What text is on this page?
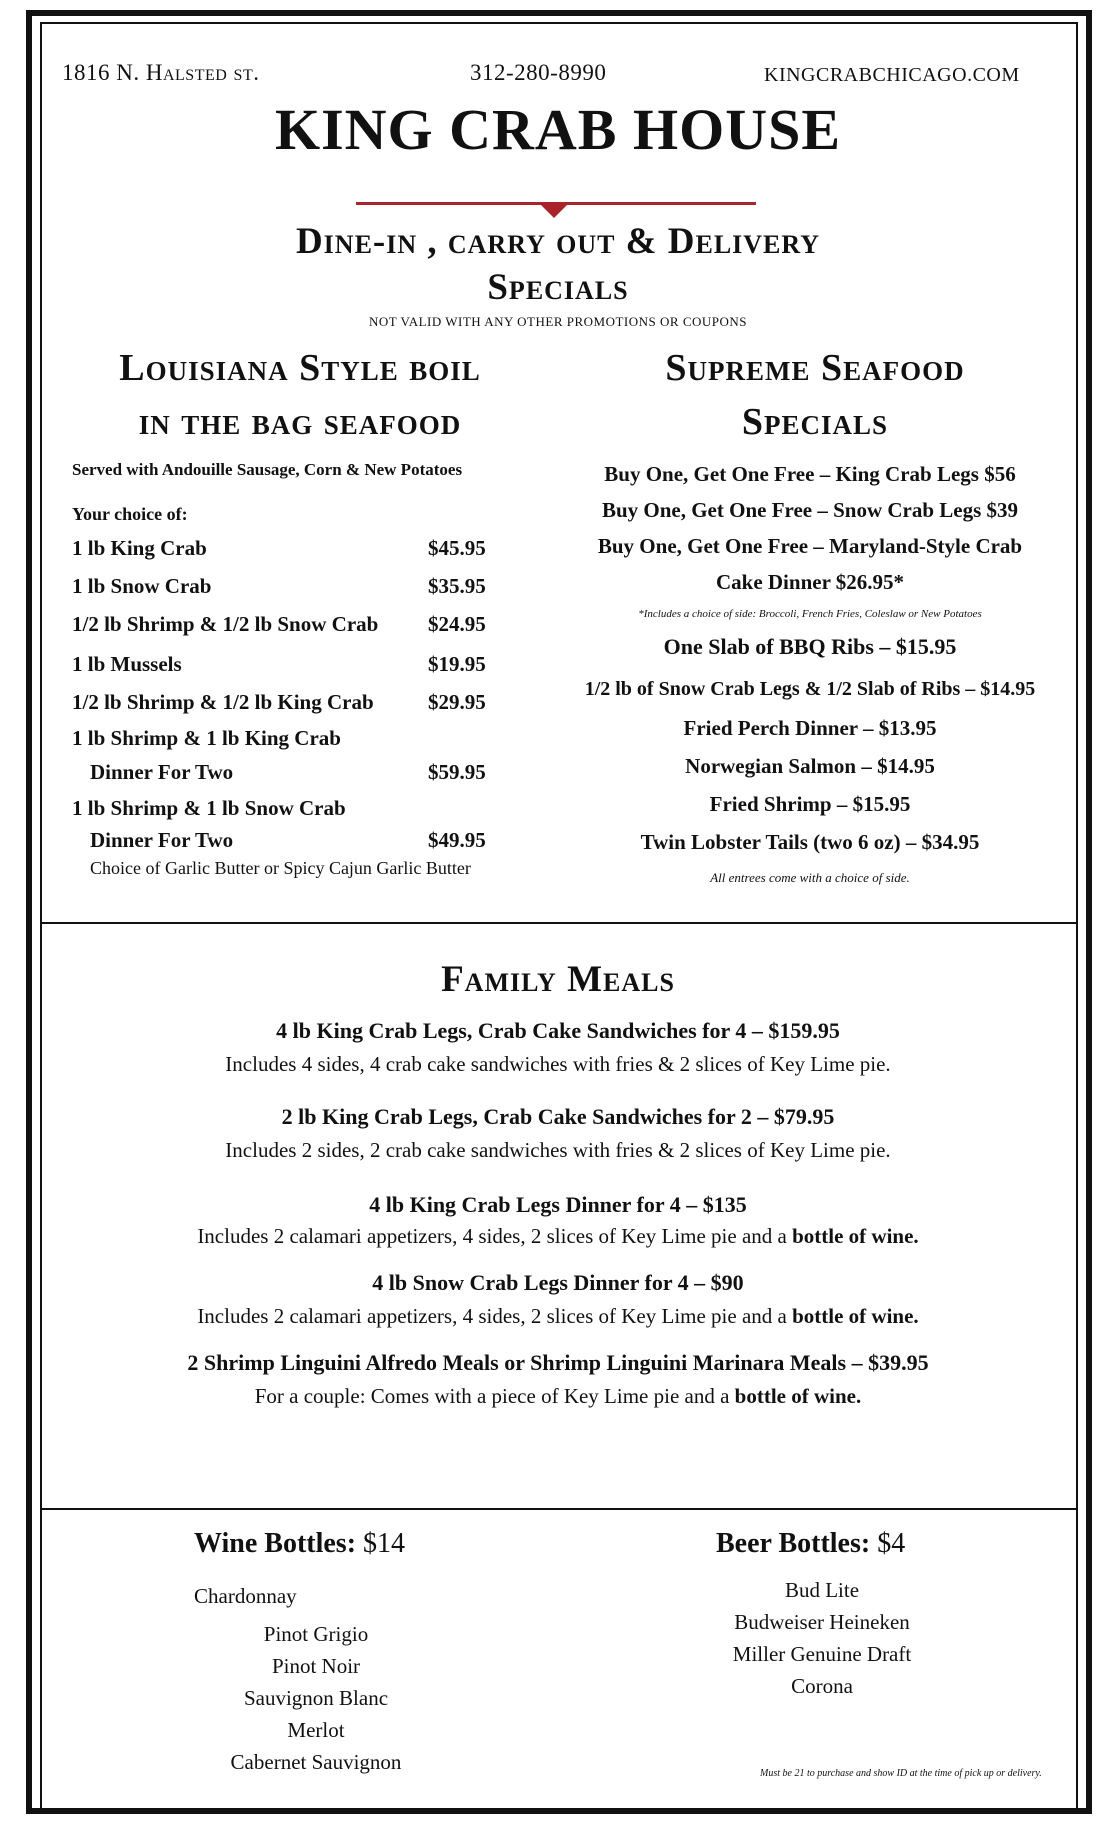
1816 N. Halsted st.	312-280-8990	KINGCRABCHICAGO.COM
KING CRAB HOUSE
Dine-in , carry out & Delivery
Specials
NOT VALID WITH ANY OTHER PROMOTIONS OR COUPONS
Louisiana Style boil
in the bag seafood
Served with Andouille Sausage, Corn & New Potatoes
Your choice of:
1 lb King Crab	$45.95
1 lb Snow Crab	$35.95
1/2 lb Shrimp & 1/2 lb Snow Crab $24.95
1 lb Mussels	$19.95
1/2 lb Shrimp & 1/2 lb King Crab	$29.95
1 lb Shrimp & 1 lb King Crab
Dinner For Two	$59.95
1 lb Shrimp & 1 lb Snow Crab
Dinner For Two	$49.95
Choice of Garlic Butter or Spicy Cajun Garlic Butter
Supreme Seafood
Specials
Buy One, Get One Free – King Crab Legs $56
Buy One, Get One Free – Snow Crab Legs $39
Buy One, Get One Free – Maryland-Style Crab
Cake Dinner $26.95*
*Includes a choice of side: Broccoli, French Fries, Coleslaw or New Potatoes
One Slab of BBQ Ribs – $15.95
1/2 lb of Snow Crab Legs & 1/2 Slab of Ribs – $14.95
Fried Perch Dinner – $13.95
Norwegian Salmon – $14.95
Fried Shrimp – $15.95
Twin Lobster Tails (two 6 oz) – $34.95
All entrees come with a choice of side.
Family Meals
4 lb King Crab Legs, Crab Cake Sandwiches for 4 – $159.95
Includes 4 sides, 4 crab cake sandwiches with fries & 2 slices of Key Lime pie.
2 lb King Crab Legs, Crab Cake Sandwiches for 2 – $79.95
Includes 2 sides, 2 crab cake sandwiches with fries & 2 slices of Key Lime pie.
4 lb King Crab Legs Dinner for 4 – $135
Includes 2 calamari appetizers, 4 sides, 2 slices of Key Lime pie and a bottle of wine.
4 lb Snow Crab Legs Dinner for 4 – $90
Includes 2 calamari appetizers, 4 sides, 2 slices of Key Lime pie and a bottle of wine.
2 Shrimp Linguini Alfredo Meals or Shrimp Linguini Marinara Meals – $39.95
For a couple: Comes with a piece of Key Lime pie and a bottle of wine.
Wine Bottles: $14
Chardonnay
Pinot Grigio
Pinot Noir
Sauvignon Blanc
Merlot
Cabernet Sauvignon
Beer Bottles: $4
Bud Lite
Budweiser Heineken
Miller Genuine Draft
Corona
Must be 21 to purchase and show ID at the time of pick up or delivery.
